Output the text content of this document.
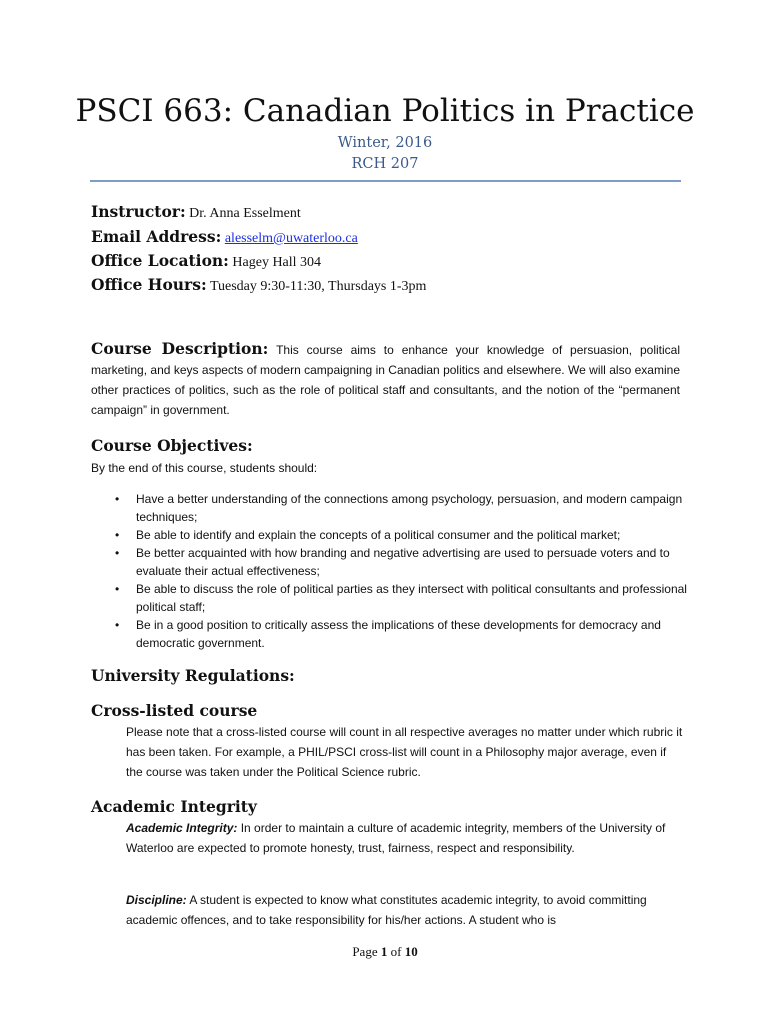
PSCI 663: Canadian Politics in Practice
Winter, 2016
RCH 207
Instructor: Dr. Anna Esselment
Email Address: alesselm@uwaterloo.ca
Office Location: Hagey Hall 304
Office Hours: Tuesday 9:30-11:30, Thursdays 1-3pm
Course Description: This course aims to enhance your knowledge of persuasion, political marketing, and keys aspects of modern campaigning in Canadian politics and elsewhere. We will also examine other practices of politics, such as the role of political staff and consultants, and the notion of the “permanent campaign” in government.
Course Objectives:
By the end of this course, students should:
• Have a better understanding of the connections among psychology, persuasion, and modern campaign techniques;
• Be able to identify and explain the concepts of a political consumer and the political market;
• Be better acquainted with how branding and negative advertising are used to persuade voters and to evaluate their actual effectiveness;
• Be able to discuss the role of political parties as they intersect with political consultants and professional political staff;
• Be in a good position to critically assess the implications of these developments for democracy and democratic government.
University Regulations:
Cross-listed course
Please note that a cross-listed course will count in all respective averages no matter under which rubric it has been taken. For example, a PHIL/PSCI cross-list will count in a Philosophy major average, even if the course was taken under the Political Science rubric.
Academic Integrity
Academic Integrity: In order to maintain a culture of academic integrity, members of the University of Waterloo are expected to promote honesty, trust, fairness, respect and responsibility.
Discipline: A student is expected to know what constitutes academic integrity, to avoid committing academic offences, and to take responsibility for his/her actions. A student who is
Page 1 of 10
